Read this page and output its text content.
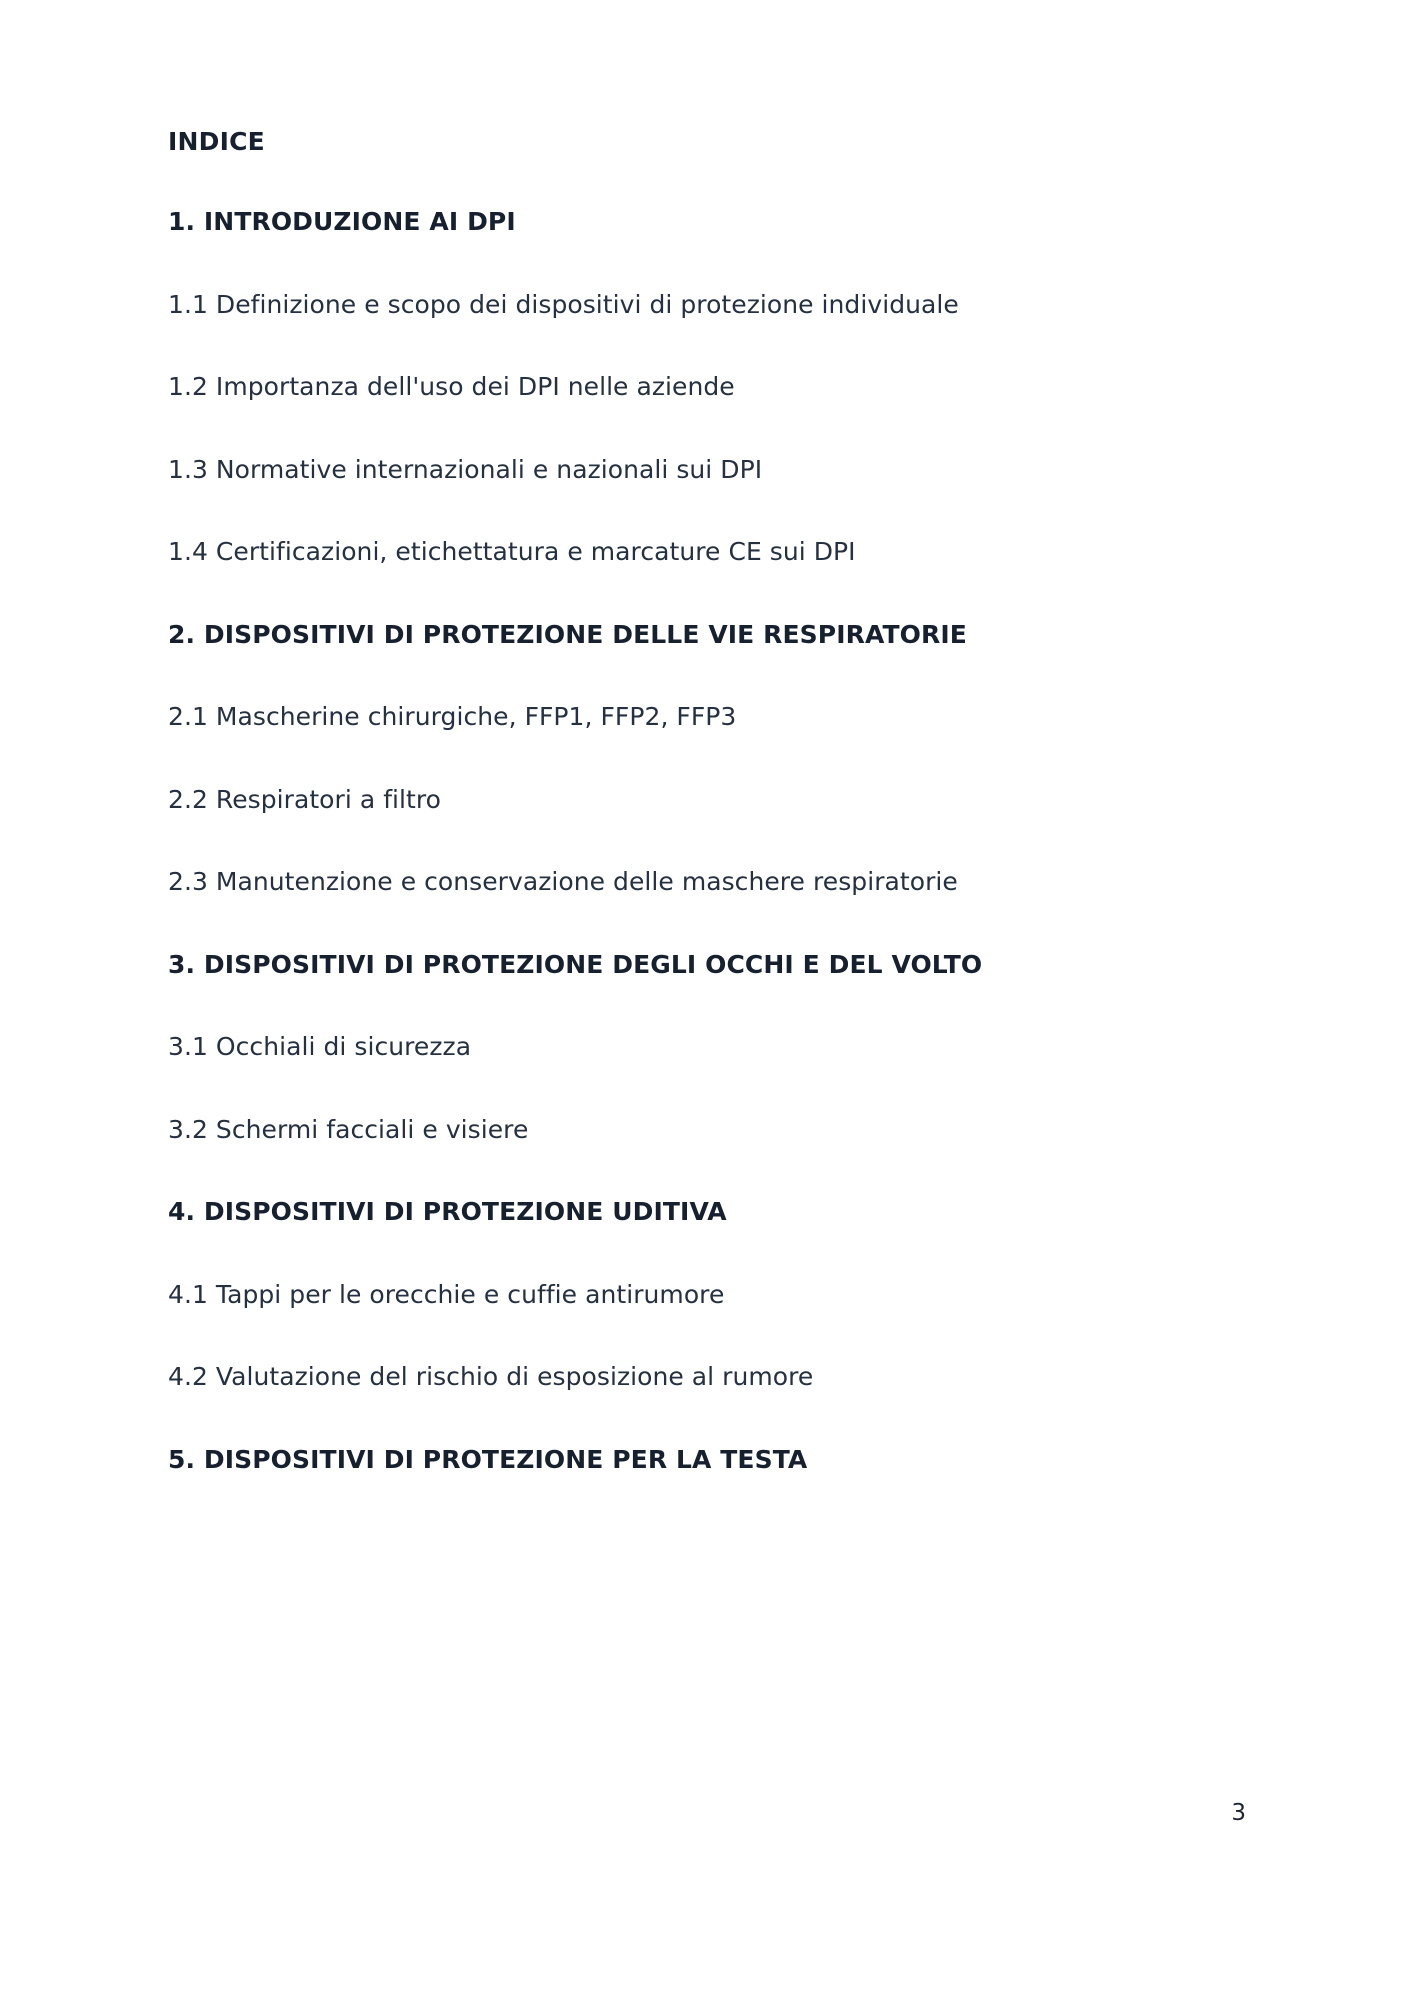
INDICE

1. INTRODUZIONE AI DPI

1.1 Definizione e scopo dei dispositivi di protezione individuale

1.2 Importanza dell'uso dei DPI nelle aziende

1.3 Normative internazionali e nazionali sui DPI

1.4 Certificazioni, etichettatura e marcature CE sui DPI

2. DISPOSITIVI DI PROTEZIONE DELLE VIE RESPIRATORIE

2.1 Mascherine chirurgiche, FFP1, FFP2, FFP3

2.2 Respiratori a filtro

2.3 Manutenzione e conservazione delle maschere respiratorie

3. DISPOSITIVI DI PROTEZIONE DEGLI OCCHI E DEL VOLTO

3.1 Occhiali di sicurezza

3.2 Schermi facciali e visiere

4. DISPOSITIVI DI PROTEZIONE UDITIVA

4.1 Tappi per le orecchie e cuffie antirumore

4.2 Valutazione del rischio di esposizione al rumore

5. DISPOSITIVI DI PROTEZIONE PER LA TESTA

3
